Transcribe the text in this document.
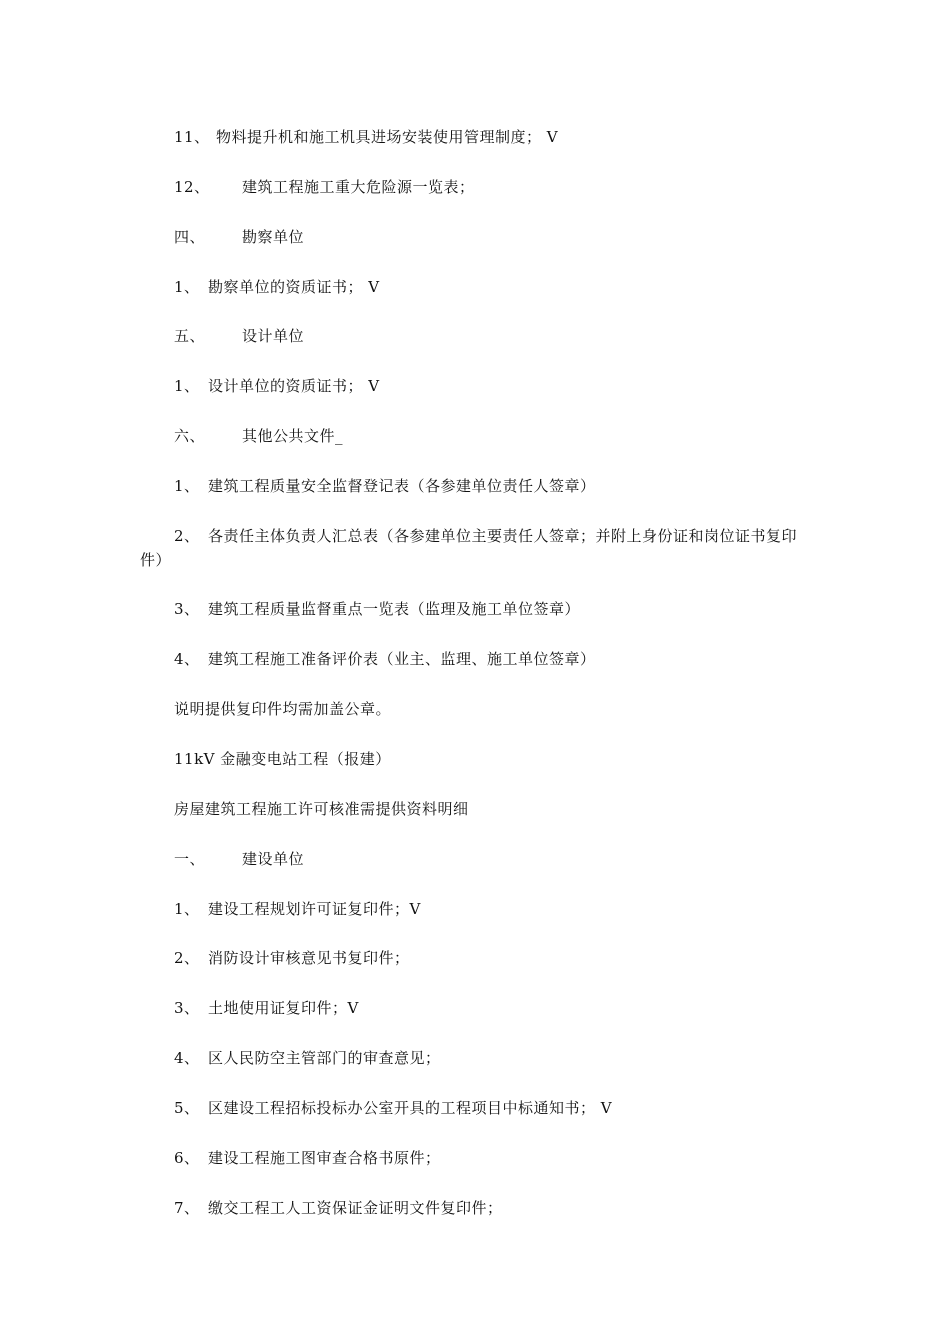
11、 物料提升机和施工机具进场安装使用管理制度； V
12、 建筑工程施工重大危险源一览表；
四、 勘察单位
1、 勘察单位的资质证书； V
五、 设计单位
1、 设计单位的资质证书； V
六、 其他公共文件_
1、 建筑工程质量安全监督登记表（各参建单位责任人签章）
2、 各责任主体负责人汇总表（各参建单位主要责任人签章；并附上身份证和岗位证书复印件）
3、 建筑工程质量监督重点一览表（监理及施工单位签章）
4、 建筑工程施工准备评价表（业主、监理、施工单位签章）
说明提供复印件均需加盖公章。
11kV 金融变电站工程（报建）
房屋建筑工程施工许可核准需提供资料明细
一、 建设单位
1、 建设工程规划许可证复印件；V
2、 消防设计审核意见书复印件；
3、 土地使用证复印件；V
4、 区人民防空主管部门的审查意见；
5、 区建设工程招标投标办公室开具的工程项目中标通知书； V
6、 建设工程施工图审查合格书原件；
7、 缴交工程工人工资保证金证明文件复印件；
